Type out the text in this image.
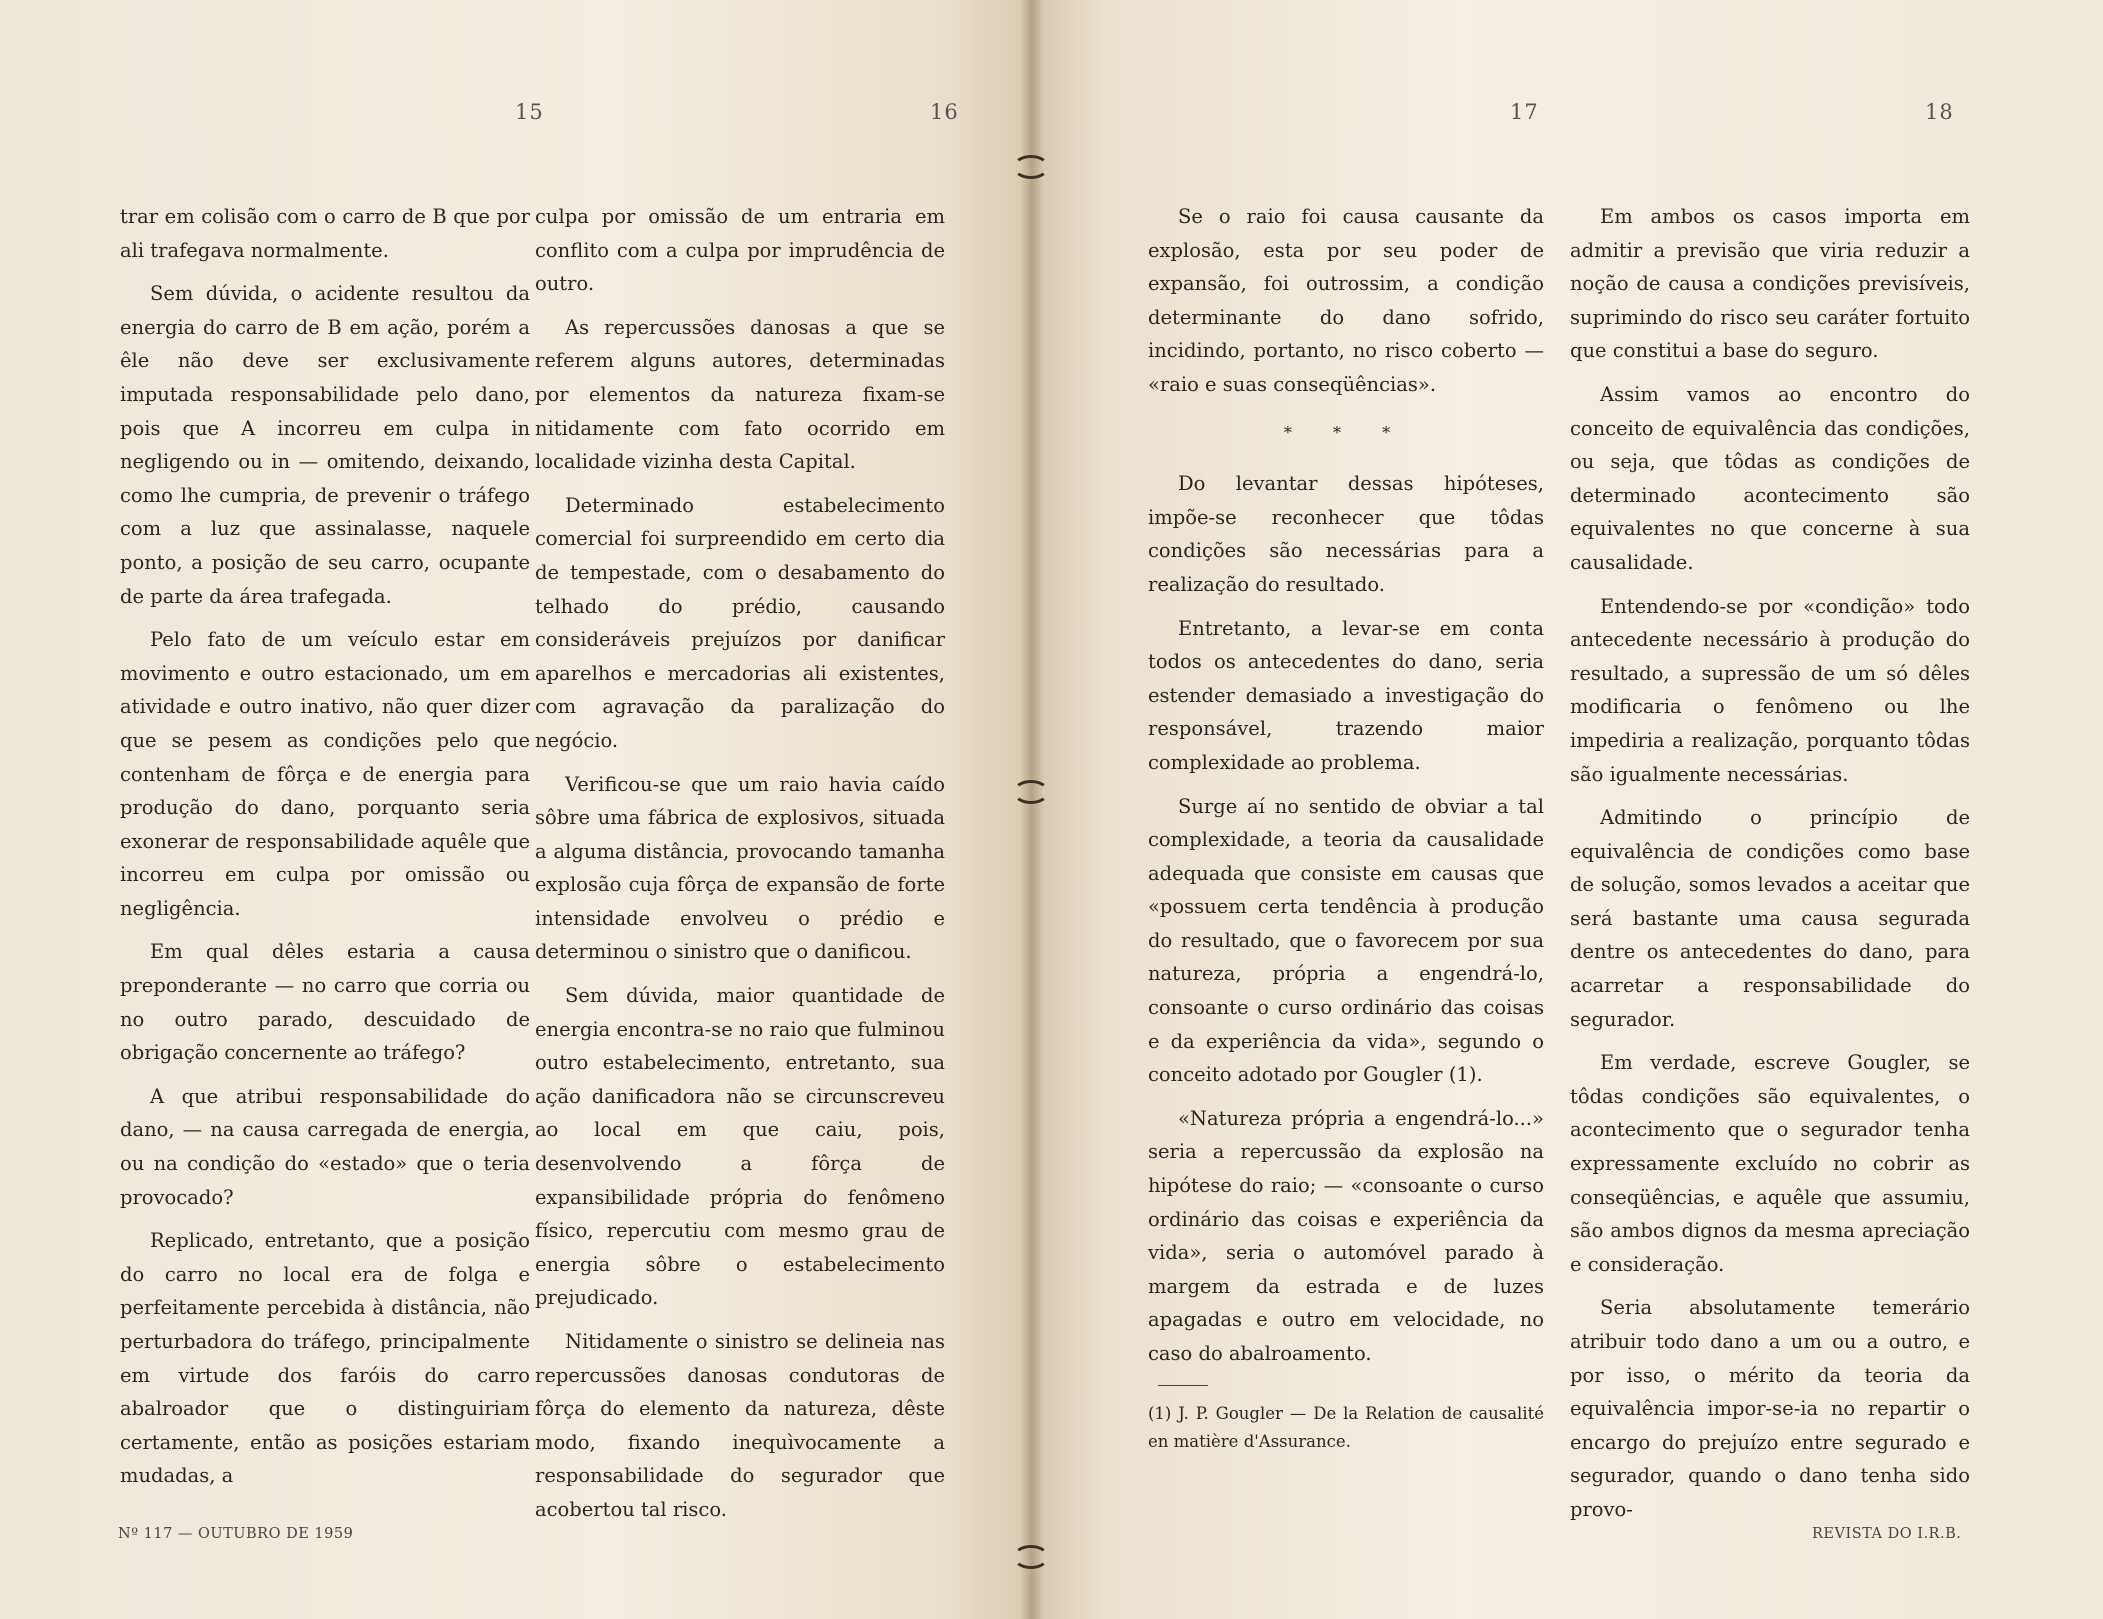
15	16	17	18

trar em colisão com o carro de B que por ali trafegava normalmente.

Sem dúvida, o acidente resultou da energia do carro de B em ação, porém a êle não deve ser exclusivamente imputada responsabilidade pelo dano, pois que A incorreu em culpa in negligendo ou in — omitendo, deixando, como lhe cumpria, de prevenir o tráfego com a luz que assinalasse, naquele ponto, a posição de seu carro, ocupante de parte da área trafegada.

Pelo fato de um veículo estar em movimento e outro estacionado, um em atividade e outro inativo, não quer dizer que se pesem as condições pelo que contenham de fôrça e de energia para produção do dano, porquanto seria exonerar de responsabilidade aquêle que incorreu em culpa por omissão ou negligência.

Em qual dêles estaria a causa preponderante — no carro que corria ou no outro parado, descuidado de obrigação concernente ao tráfego?

A que atribui responsabilidade do dano, — na causa carregada de energia, ou na condição do «estado» que o teria provocado?

Replicado, entretanto, que a posição do carro no local era de folga e perfeitamente percebida à distância, não perturbadora do tráfego, principalmente em virtude dos faróis do carro abalroador que o distinguiriam certamente, então as posições estariam mudadas, a

culpa por omissão de um entraria em conflito com a culpa por imprudência de outro.

As repercussões danosas a que se referem alguns autores, determinadas por elementos da natureza fixam-se nitidamente com fato ocorrido em localidade vizinha desta Capital.

Determinado estabelecimento comercial foi surpreendido em certo dia de tempestade, com o desabamento do telhado do prédio, causando consideráveis prejuízos por danificar aparelhos e mercadorias ali existentes, com agravação da paralização do negócio.

Verificou-se que um raio havia caído sôbre uma fábrica de explosivos, situada a alguma distância, provocando tamanha explosão cuja fôrça de expansão de forte intensidade envolveu o prédio e determinou o sinistro que o danificou.

Sem dúvida, maior quantidade de energia encontra-se no raio que fulminou outro estabelecimento, entretanto, sua ação danificadora não se circunscreveu ao local em que caiu, pois, desenvolvendo a fôrça de expansibilidade própria do fenômeno físico, repercutiu com mesmo grau de energia sôbre o estabelecimento prejudicado.

Nitidamente o sinistro se delineia nas repercussões danosas condutoras de fôrça do elemento da natureza, dêste modo, fixando inequìvocamente a responsabilidade do segurador que acobertou tal risco.

Se o raio foi causa causante da explosão, esta por seu poder de expansão, foi outrossim, a condição determinante do dano sofrido, incidindo, portanto, no risco coberto — «raio e suas conseqüências».

* * *

Do levantar dessas hipóteses, impõe-se reconhecer que tôdas condições são necessárias para a realização do resultado.

Entretanto, a levar-se em conta todos os antecedentes do dano, seria estender demasiado a investigação do responsável, trazendo maior complexidade ao problema.

Surge aí no sentido de obviar a tal complexidade, a teoria da causalidade adequada que consiste em causas que «possuem certa tendência à produção do resultado, que o favorecem por sua natureza, própria a engendrá-lo, consoante o curso ordinário das coisas e da experiência da vida», segundo o conceito adotado por Gougler (1).

«Natureza própria a engendrá-lo...» seria a repercussão da explosão na hipótese do raio; — «consoante o curso ordinário das coisas e experiência da vida», seria o automóvel parado à margem da estrada e de luzes apagadas e outro em velocidade, no caso do abalroamento.

(1) J. P. Gougler — De la Relation de causalité en matière d'Assurance.

Em ambos os casos importa em admitir a previsão que viria reduzir a noção de causa a condições previsíveis, suprimindo do risco seu caráter fortuito que constitui a base do seguro.

Assim vamos ao encontro do conceito de equivalência das condições, ou seja, que tôdas as condições de determinado acontecimento são equivalentes no que concerne à sua causalidade.

Entendendo-se por «condição» todo antecedente necessário à produção do resultado, a supressão de um só dêles modificaria o fenômeno ou lhe impediria a realização, porquanto tôdas são igualmente necessárias.

Admitindo o princípio de equivalência de condições como base de solução, somos levados a aceitar que será bastante uma causa segurada dentre os antecedentes do dano, para acarretar a responsabilidade do segurador.

Em verdade, escreve Gougler, se tôdas condições são equivalentes, o acontecimento que o segurador tenha expressamente excluído no cobrir as conseqüências, e aquêle que assumiu, são ambos dignos da mesma apreciação e consideração.

Seria absolutamente temerário atribuir todo dano a um ou a outro, e por isso, o mérito da teoria da equivalência impor-se-ia no repartir o encargo do prejuízo entre segurado e segurador, quando o dano tenha sido provo-

Nº 117 — OUTUBRO DE 1959	REVISTA DO I.R.B.
